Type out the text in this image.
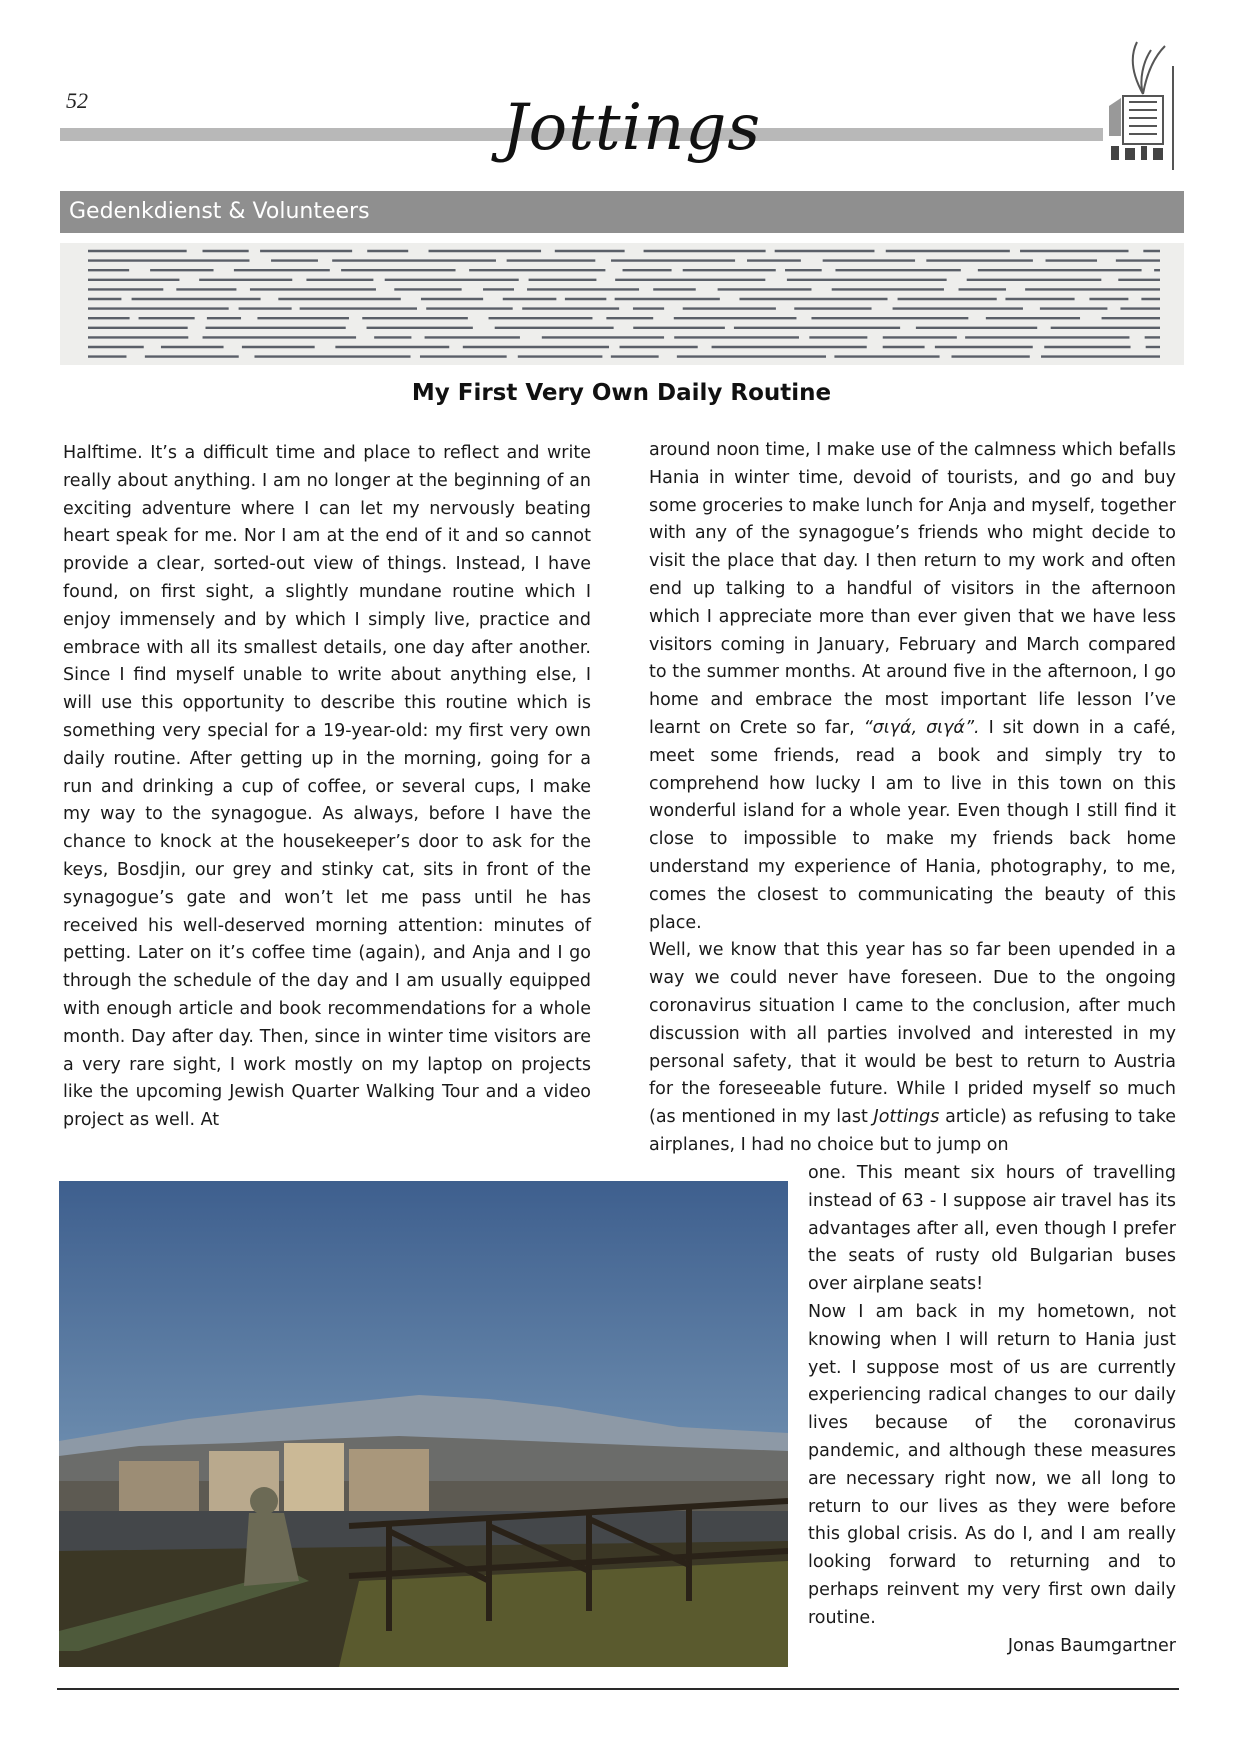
52	Jottings
Gedenkdienst & Volunteers
My First Very Own Daily Routine

Halftime. It’s a difficult time and place to reflect and write really about anything. I am no longer at the beginning of an exciting adventure where I can let my nervously beating heart speak for me. Nor I am at the end of it and so cannot provide a clear, sorted-out view of things. Instead, I have found, on first sight, a slightly mundane routine which I enjoy immensely and by which I simply live, practice and embrace with all its smallest details, one day after another. Since I find myself unable to write about anything else, I will use this opportunity to describe this routine which is something very special for a 19-year-old: my first very own daily routine. After getting up in the morning, going for a run and drinking a cup of coffee, or several cups, I make my way to the synagogue. As always, before I have the chance to knock at the housekeeper’s door to ask for the keys, Bosdjin, our grey and stinky cat, sits in front of the synagogue’s gate and won’t let me pass until he has received his well-deserved morning attention: minutes of petting. Later on it’s coffee time (again), and Anja and I go through the schedule of the day and I am usually equipped with enough article and book recommendations for a whole month. Day after day. Then, since in winter time visitors are a very rare sight, I work mostly on my laptop on projects like the upcoming Jewish Quarter Walking Tour and a video project as well. At

around noon time, I make use of the calmness which befalls Hania in winter time, devoid of tourists, and go and buy some groceries to make lunch for Anja and myself, together with any of the synagogue’s friends who might decide to visit the place that day. I then return to my work and often end up talking to a handful of visitors in the afternoon which I appreciate more than ever given that we have less visitors coming in January, February and March compared to the summer months. At around five in the afternoon, I go home and embrace the most important life lesson I’ve learnt on Crete so far, “σιγά, σιγά”. I sit down in a café, meet some friends, read a book and simply try to comprehend how lucky I am to live in this town on this wonderful island for a whole year. Even though I still find it close to impossible to make my friends back home understand my experience of Hania, photography, to me, comes the closest to communicating the beauty of this place.

Well, we know that this year has so far been upended in a way we could never have foreseen. Due to the ongoing coronavirus situation I came to the conclusion, after much discussion with all parties involved and interested in my personal safety, that it would be best to return to Austria for the foreseeable future. While I prided myself so much (as mentioned in my last Jottings article) as refusing to take airplanes, I had no choice but to jump on

one. This meant six hours of travelling instead of 63 - I suppose air travel has its advantages after all, even though I prefer the seats of rusty old Bulgarian buses over airplane seats!

Now I am back in my hometown, not knowing when I will return to Hania just yet. I suppose most of us are currently experiencing radical changes to our daily lives because of the coronavirus pandemic, and although these measures are necessary right now, we all long to return to our lives as they were before this global crisis. As do I, and I am really looking forward to returning and to perhaps reinvent my very first own daily routine.

Jonas Baumgartner
